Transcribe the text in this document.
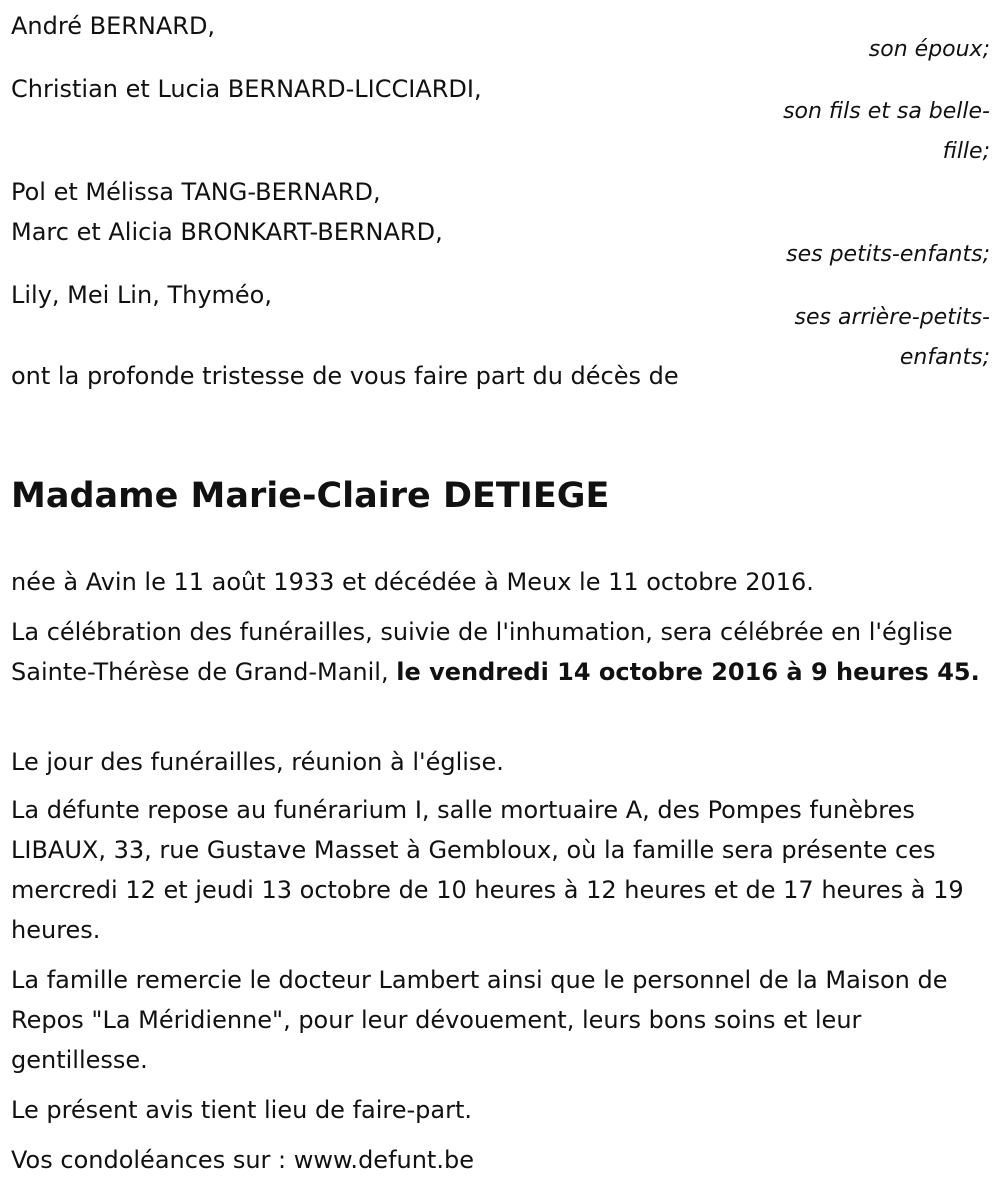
André BERNARD,
son époux;
Christian et Lucia BERNARD-LICCIARDI,
son fils et sa belle-
fille;
Pol et Mélissa TANG-BERNARD,
Marc et Alicia BRONKART-BERNARD,
ses petits-enfants;
Lily, Mei Lin, Thyméo,
ses arrière-petits-
enfants;
ont la profonde tristesse de vous faire part du décès de
Madame Marie-Claire DETIEGE
née à Avin le 11 août 1933 et décédée à Meux le 11 octobre 2016.
La célébration des funérailles, suivie de l'inhumation, sera célébrée en l'église Sainte-Thérèse de Grand-Manil, le vendredi 14 octobre 2016 à 9 heures 45.
Le jour des funérailles, réunion à l'église.
La défunte repose au funérarium I, salle mortuaire A, des Pompes funèbres LIBAUX, 33, rue Gustave Masset à Gembloux, où la famille sera présente ces mercredi 12 et jeudi 13 octobre de 10 heures à 12 heures et de 17 heures à 19 heures.
La famille remercie le docteur Lambert ainsi que le personnel de la Maison de Repos "La Méridienne", pour leur dévouement, leurs bons soins et leur gentillesse.
Le présent avis tient lieu de faire-part.
Vos condoléances sur : www.defunt.be
